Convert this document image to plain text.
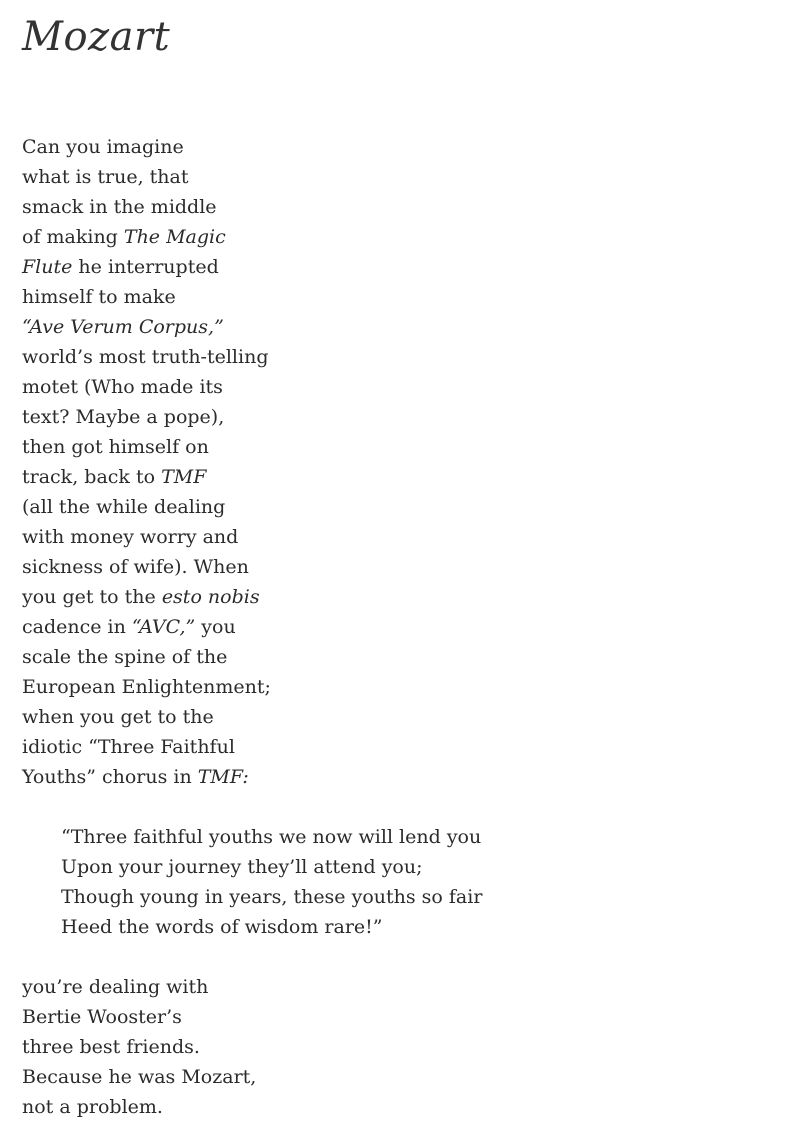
Mozart
Can you imagine
what is true, that
smack in the middle
of making The Magic
Flute he interrupted
himself to make
“Ave Verum Corpus,”
world’s most truth-telling
motet (Who made its
text? Maybe a pope),
then got himself on
track, back to TMF
(all the while dealing
with money worry and
sickness of wife). When
you get to the esto nobis
cadence in “AVC,” you
scale the spine of the
European Enlightenment;
when you get to the
idiotic “Three Faithful
Youths” chorus in TMF:
“Three faithful youths we now will lend you
Upon your journey they’ll attend you;
Though young in years, these youths so fair
Heed the words of wisdom rare!”
you’re dealing with
Bertie Wooster’s
three best friends.
Because he was Mozart,
not a problem.
